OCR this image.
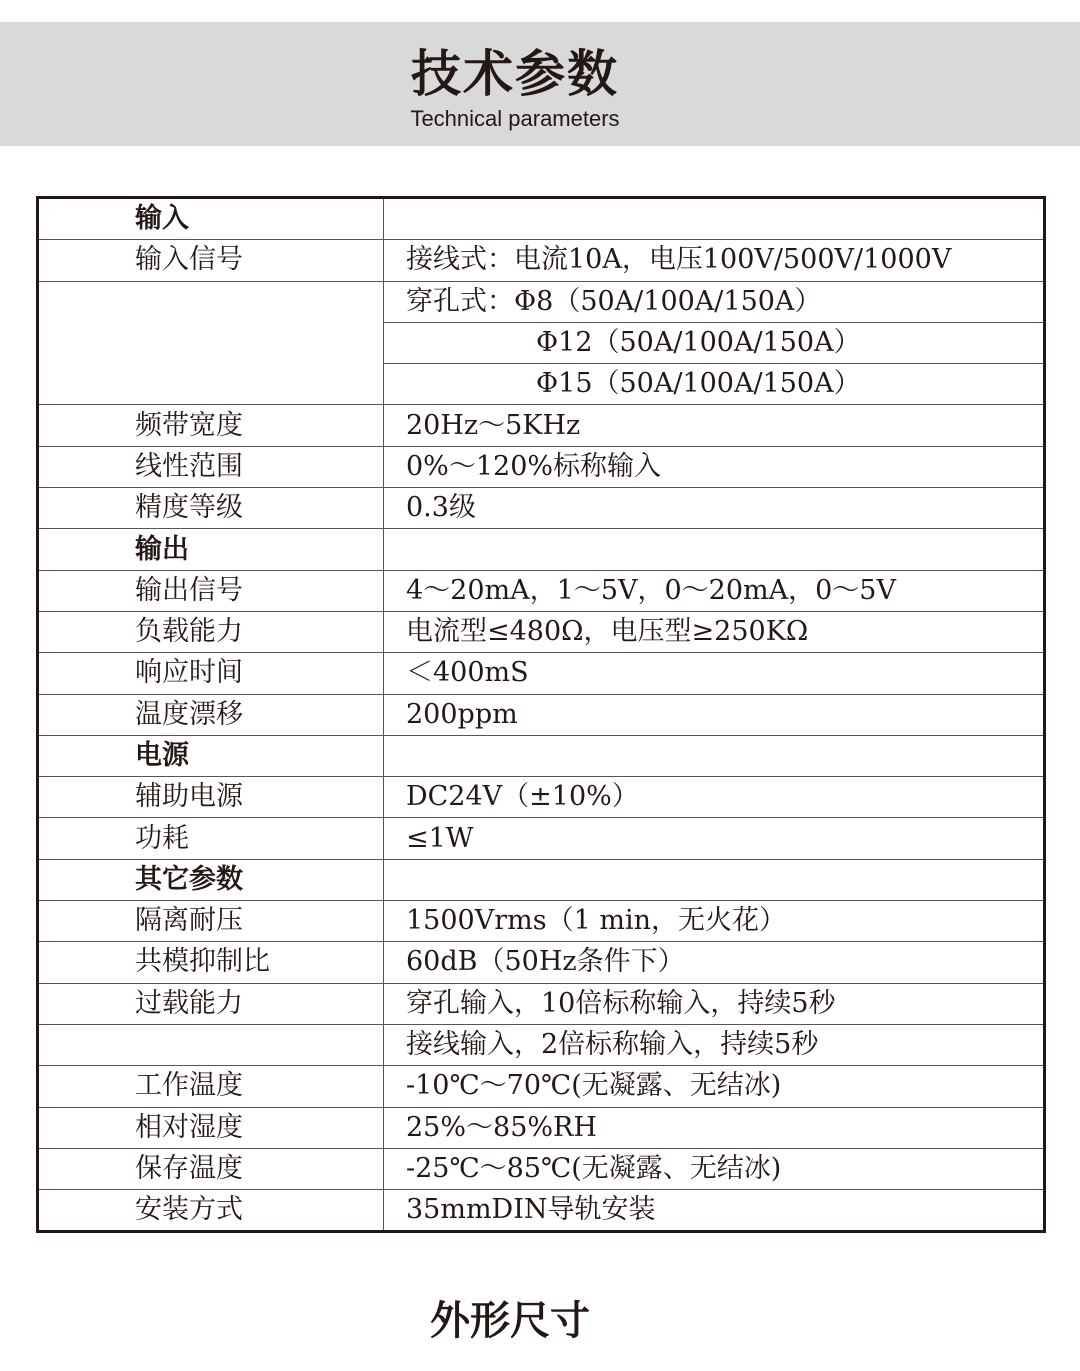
技术参数
Technical parameters
输入	
输入信号	接线式：电流10A，电压100V/500V/1000V
	穿孔式：Φ8（50A/100A/150A）
	Φ12（50A/100A/150A）
	Φ15（50A/100A/150A）
频带宽度	20Hz～5KHz
线性范围	0%～120%标称输入
精度等级	0.3级
输出	
输出信号	4～20mA，1～5V，0～20mA，0～5V
负载能力	电流型≤480Ω，电压型≥250KΩ
响应时间	＜400mS
温度漂移	200ppm
电源	
辅助电源	DC24V（±10%）
功耗	≤1W
其它参数	
隔离耐压	1500Vrms（1 min，无火花）
共模抑制比	60dB（50Hz条件下）
过载能力	穿孔输入，10倍标称输入，持续5秒
	接线输入，2倍标称输入，持续5秒
工作温度	-10℃～70℃(无凝露、无结冰)
相对湿度	25%～85%RH
保存温度	-25℃～85℃(无凝露、无结冰)
安装方式	35mmDIN导轨安装
外形尺寸
